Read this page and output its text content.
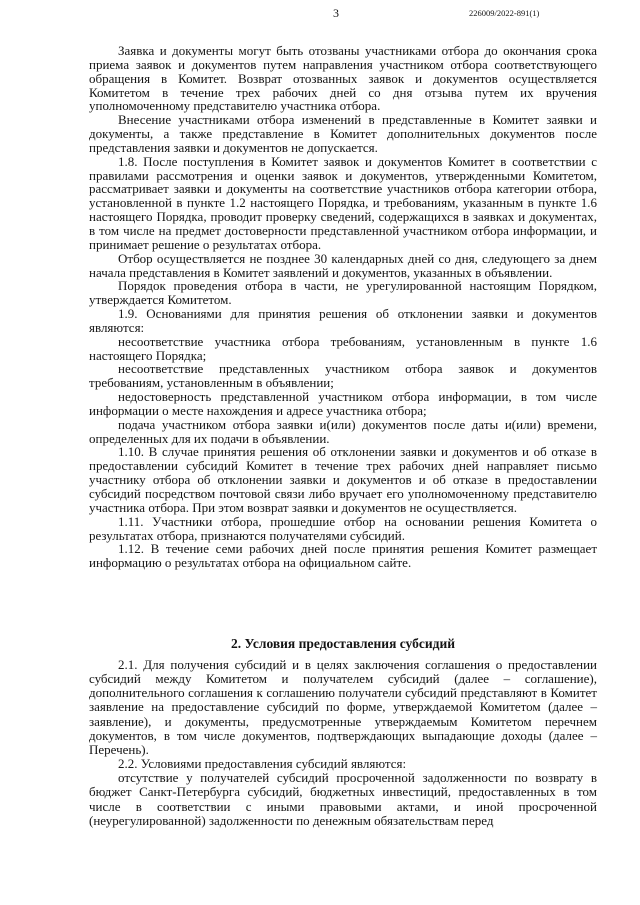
3	226009/2022-891(1)

Заявка и документы могут быть отозваны участниками отбора до окончания срока приема заявок и документов путем направления участником отбора соответствующего обращения в Комитет. Возврат отозванных заявок и документов осуществляется Комитетом в течение трех рабочих дней со дня отзыва путем их вручения уполномоченному представителю участника отбора.

Внесение участниками отбора изменений в представленные в Комитет заявки и документы, а также представление в Комитет дополнительных документов после представления заявки и документов не допускается.

1.8. После поступления в Комитет заявок и документов Комитет в соответствии с правилами рассмотрения и оценки заявок и документов, утвержденными Комитетом, рассматривает заявки и документы на соответствие участников отбора категории отбора, установленной в пункте 1.2 настоящего Порядка, и требованиям, указанным в пункте 1.6 настоящего Порядка, проводит проверку сведений, содержащихся в заявках и документах, в том числе на предмет достоверности представленной участником отбора информации, и принимает решение о результатах отбора.

Отбор осуществляется не позднее 30 календарных дней со дня, следующего за днем начала представления в Комитет заявлений и документов, указанных в объявлении.

Порядок проведения отбора в части, не урегулированной настоящим Порядком, утверждается Комитетом.

1.9. Основаниями для принятия решения об отклонении заявки и документов являются:

несоответствие участника отбора требованиям, установленным в пункте 1.6 настоящего Порядка;

несоответствие представленных участником отбора заявок и документов требованиям, установленным в объявлении;

недостоверность представленной участником отбора информации, в том числе информации о месте нахождения и адресе участника отбора;

подача участником отбора заявки и(или) документов после даты и(или) времени, определенных для их подачи в объявлении.

1.10. В случае принятия решения об отклонении заявки и документов и об отказе в предоставлении субсидий Комитет в течение трех рабочих дней направляет письмо участнику отбора об отклонении заявки и документов и об отказе в предоставлении субсидий посредством почтовой связи либо вручает его уполномоченному представителю участника отбора. При этом возврат заявки и документов не осуществляется.

1.11. Участники отбора, прошедшие отбор на основании решения Комитета о результатах отбора, признаются получателями субсидий.

1.12. В течение семи рабочих дней после принятия решения Комитет размещает информацию о результатах отбора на официальном сайте.

2. Условия предоставления субсидий

2.1. Для получения субсидий и в целях заключения соглашения о предоставлении субсидий между Комитетом и получателем субсидий (далее – соглашение), дополнительного соглашения к соглашению получатели субсидий представляют в Комитет заявление на предоставление субсидий по форме, утверждаемой Комитетом (далее – заявление), и документы, предусмотренные утверждаемым Комитетом перечнем документов, в том числе документов, подтверждающих выпадающие доходы (далее – Перечень).

2.2. Условиями предоставления субсидий являются:

отсутствие у получателей субсидий просроченной задолженности по возврату в бюджет Санкт-Петербурга субсидий, бюджетных инвестиций, предоставленных в том числе в соответствии с иными правовыми актами, и иной просроченной (неурегулированной) задолженности по денежным обязательствам перед
